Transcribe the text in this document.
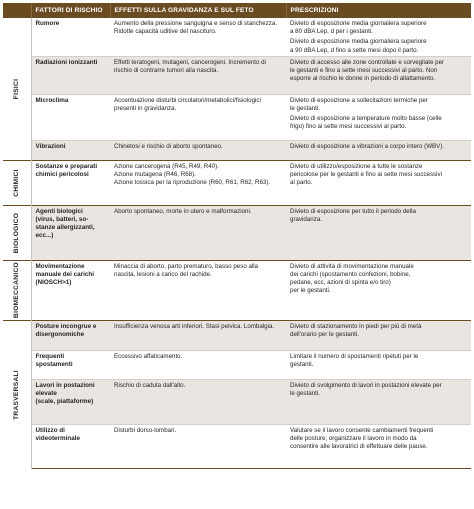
	FATTORI DI RISCHIO	EFFETTI SULLA GRAVIDANZA E SUL FETO	PRESCRIZIONI

FISICI	Rumore	Aumento della pressione sanguigna e senso di stanchezza.
Ridotte capacità uditive del nascituro.	Divieto di esposizione media giornaliera superiore
a 80 dBA Lep, d per i gestanti.
Divieto di esposizione media giornaliera superiore
a 90 dBA Lep, d fino a sette mesi dopo il parto.

	Radiazioni ionizzanti	Effetti teratogeni, mutageni, cancerogeni. Incremento di
rischio di contrarre tumori alla nascita.	Divieto di accesso alle zone controllate e sorvegliate per
le gestanti e fino a sette mesi successivi al parto. Non
esporre al rischio le donne in periodo di allattamento.

	Microclima	Accentuazione disturbi circolatori/metabolici/fisiologici
presenti in gravidanza.	Divieto di esposizione a sollecitazioni termiche per
le gestanti.
Divieto di esposizione a temperature molto basse (celle
frigo) fino ai sette mesi successivi al parto.

	Vibrazioni	Chinetosi e rischio di aborto spontaneo.	Divieto di esposizione a vibrazioni a corpo intero (WBV).

CHIMICI	Sostanze e preparati
chimici pericolosi	Azione cancerogena (R45, R49, R40).
Azione mutagena (R46, R68).
Azione tossica per la riproduzione (R60, R61, R62, R63).	Divieto di utilizzo/esposizione a tutte le sostanze
pericolose per le gestanti e fino ai sette mesi successivi
al parto.

BIOLOGICO	Agenti biologici
(virus, batteri, so-
stanze allergizzanti,
ecc...)	Aborto spontaneo, morte in utero e malformazioni.	Divieto di esposizione per tutto il periodo della
gravidanza.

BIOMECCANICO	Movimentazione
manuale dei carichi
(NIOSCH>1)	Minaccia di aborto, parto prematuro, basso peso alla
nascita, lesioni a carico del rachide.	Divieto di attività di movimentazione manuale
dei carichi (spostamento confezioni, bobine,
pedane, ecc, azioni di spinta e/o tiro)
per le gestanti.

TRASVERSALI	Posture incongrue e
disergonomiche	Insufficienza venosa arti inferiori. Stasi pelvica. Lombalgia.	Divieto di stazionamento in piedi per più di metà
dell'orario per le gestanti.

	Frequenti
spostamenti	Eccessivo affaticamento.	Limitare il numero di spostamenti ripetuti per le
gestanti.

	Lavori in postazioni
elevate
(scale, piattaforme)	Rischio di caduta dall'alto.	Divieto di svolgimento di lavori in postazioni elevate per
le gestanti.

	Utilizzo di
videoterminale	Disturbi dorso-lombari.	Valutare se il lavoro consente cambiamenti frequenti
delle posture; organizzare il lavoro in modo da
consentire alle lavoratrici di effettuare delle pause.
